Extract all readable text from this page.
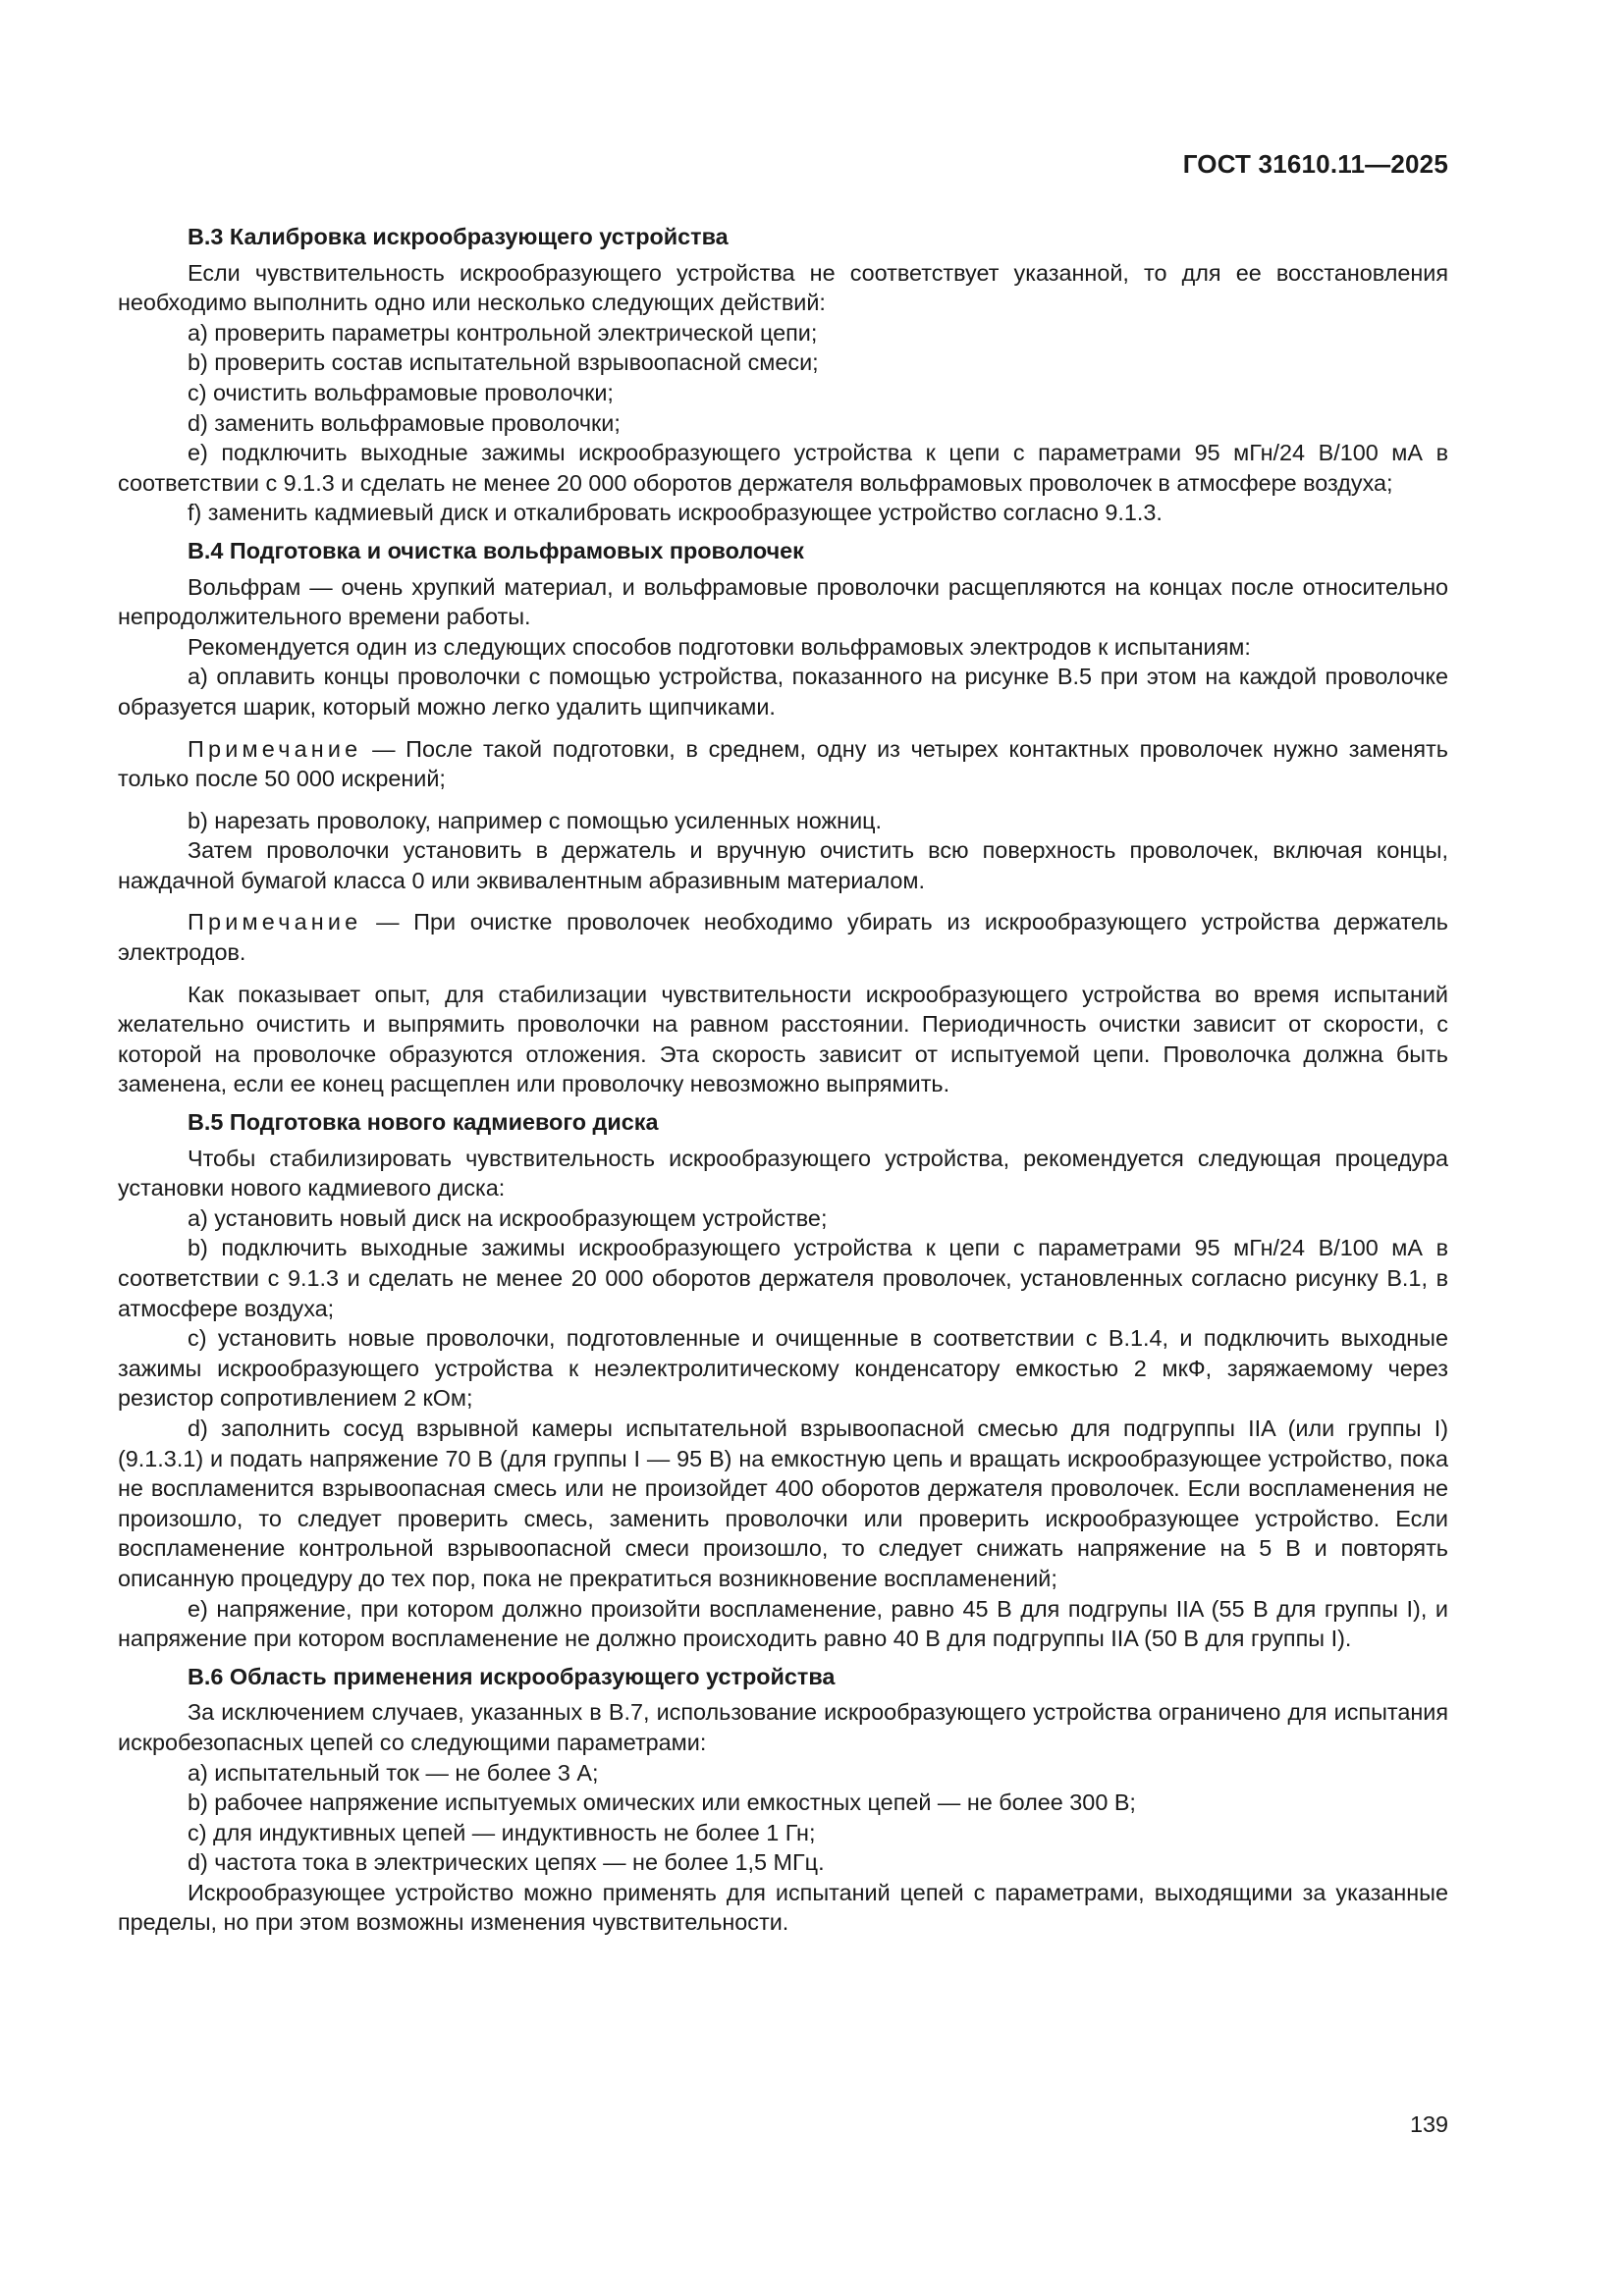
ГОСТ 31610.11—2025
В.3 Калибровка искрообразующего устройства
Если чувствительность искрообразующего устройства не соответствует указанной, то для ее восстановления необходимо выполнить одно или несколько следующих действий:
a) проверить параметры контрольной электрической цепи;
b) проверить состав испытательной взрывоопасной смеси;
c) очистить вольфрамовые проволочки;
d) заменить вольфрамовые проволочки;
e) подключить выходные зажимы искрообразующего устройства к цепи с параметрами 95 мГн/24 В/100 мА в соответствии с 9.1.3 и сделать не менее 20 000 оборотов держателя вольфрамовых проволочек в атмосфере воздуха;
f) заменить кадмиевый диск и откалибровать искрообразующее устройство согласно 9.1.3.
В.4 Подготовка и очистка вольфрамовых проволочек
Вольфрам — очень хрупкий материал, и вольфрамовые проволочки расщепляются на концах после относительно непродолжительного времени работы.
Рекомендуется один из следующих способов подготовки вольфрамовых электродов к испытаниям:
a) оплавить концы проволочки с помощью устройства, показанного на рисунке В.5 при этом на каждой проволочке образуется шарик, который можно легко удалить щипчиками.
Примечание — После такой подготовки, в среднем, одну из четырех контактных проволочек нужно заменять только после 50 000 искрений;
b) нарезать проволоку, например с помощью усиленных ножниц.
Затем проволочки установить в держатель и вручную очистить всю поверхность проволочек, включая концы, наждачной бумагой класса 0 или эквивалентным абразивным материалом.
Примечание — При очистке проволочек необходимо убирать из искрообразующего устройства держатель электродов.
Как показывает опыт, для стабилизации чувствительности искрообразующего устройства во время испытаний желательно очистить и выпрямить проволочки на равном расстоянии. Периодичность очистки зависит от скорости, с которой на проволочке образуются отложения. Эта скорость зависит от испытуемой цепи. Проволочка должна быть заменена, если ее конец расщеплен или проволочку невозможно выпрямить.
В.5 Подготовка нового кадмиевого диска
Чтобы стабилизировать чувствительность искрообразующего устройства, рекомендуется следующая процедура установки нового кадмиевого диска:
a) установить новый диск на искрообразующем устройстве;
b) подключить выходные зажимы искрообразующего устройства к цепи с параметрами 95 мГн/24 В/100 мА в соответствии с 9.1.3 и сделать не менее 20 000 оборотов держателя проволочек, установленных согласно рисунку В.1, в атмосфере воздуха;
c) установить новые проволочки, подготовленные и очищенные в соответствии с В.1.4, и подключить выходные зажимы искрообразующего устройства к неэлектролитическому конденсатору емкостью 2 мкФ, заряжаемому через резистор сопротивлением 2 кОм;
d) заполнить сосуд взрывной камеры испытательной взрывоопасной смесью для подгруппы IIA (или группы I) (9.1.3.1) и подать напряжение 70 В (для группы I — 95 В) на емкостную цепь и вращать искрообразующее устройство, пока не воспламенится взрывоопасная смесь или не произойдет 400 оборотов держателя проволочек. Если воспламенения не произошло, то следует проверить смесь, заменить проволочки или проверить искрообразующее устройство. Если воспламенение контрольной взрывоопасной смеси произошло, то следует снижать напряжение на 5 В и повторять описанную процедуру до тех пор, пока не прекратиться возникновение воспламенений;
e) напряжение, при котором должно произойти воспламенение, равно 45 В для подгрупы IIA (55 В для группы I), и напряжение при котором воспламенение не должно происходить равно 40 В для подгруппы IIA (50 В для группы I).
В.6 Область применения искрообразующего устройства
За исключением случаев, указанных в В.7, использование искрообразующего устройства ограничено для испытания искробезопасных цепей со следующими параметрами:
a) испытательный ток — не более 3 А;
b) рабочее напряжение испытуемых омических или емкостных цепей — не более 300 В;
c) для индуктивных цепей — индуктивность не более 1 Гн;
d) частота тока в электрических цепях — не более 1,5 МГц.
Искрообразующее устройство можно применять для испытаний цепей с параметрами, выходящими за указанные пределы, но при этом возможны изменения чувствительности.
139
